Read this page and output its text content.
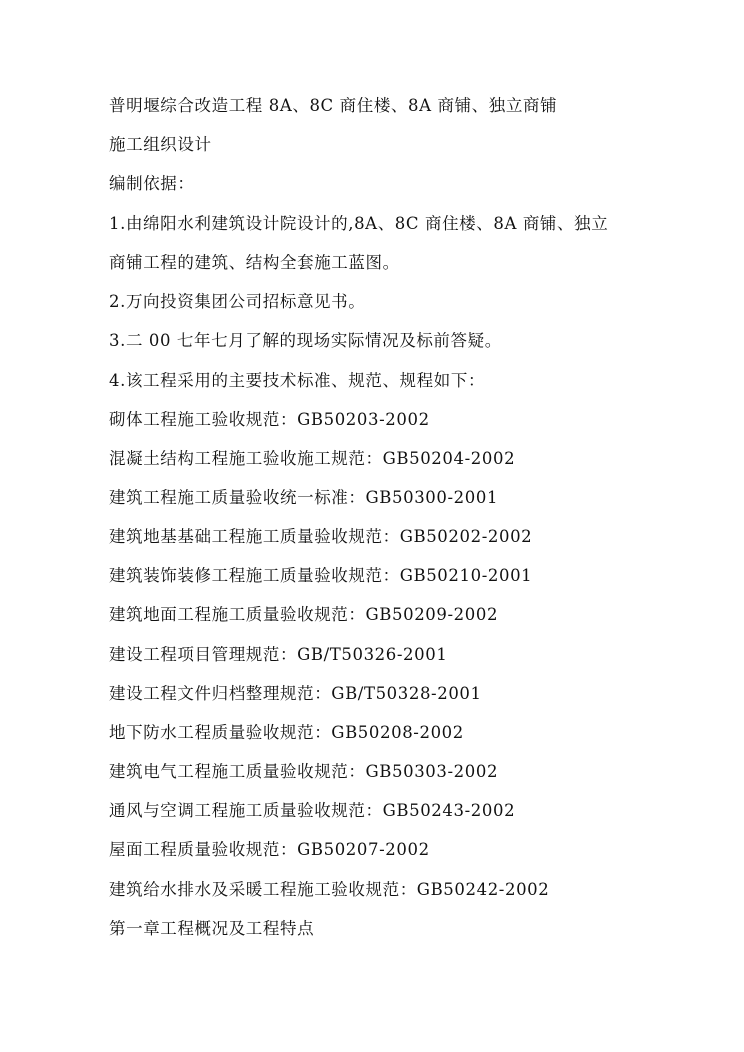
普明堰综合改造工程 8A、8C 商住楼、8A 商铺、独立商铺
施工组织设计
编制依据：
1.由绵阳水利建筑设计院设计的,8A、8C 商住楼、8A 商铺、独立
商铺工程的建筑、结构全套施工蓝图。
2.万向投资集团公司招标意见书。
3.二 00 七年七月了解的现场实际情况及标前答疑。
4.该工程采用的主要技术标准、规范、规程如下：
砌体工程施工验收规范：GB50203-2002
混凝土结构工程施工验收施工规范：GB50204-2002
建筑工程施工质量验收统一标准：GB50300-2001
建筑地基基础工程施工质量验收规范：GB50202-2002
建筑装饰装修工程施工质量验收规范：GB50210-2001
建筑地面工程施工质量验收规范：GB50209-2002
建设工程项目管理规范：GB/T50326-2001
建设工程文件归档整理规范：GB/T50328-2001
地下防水工程质量验收规范：GB50208-2002
建筑电气工程施工质量验收规范：GB50303-2002
通风与空调工程施工质量验收规范：GB50243-2002
屋面工程质量验收规范：GB50207-2002
建筑给水排水及采暖工程施工验收规范：GB50242-2002
第一章工程概况及工程特点
